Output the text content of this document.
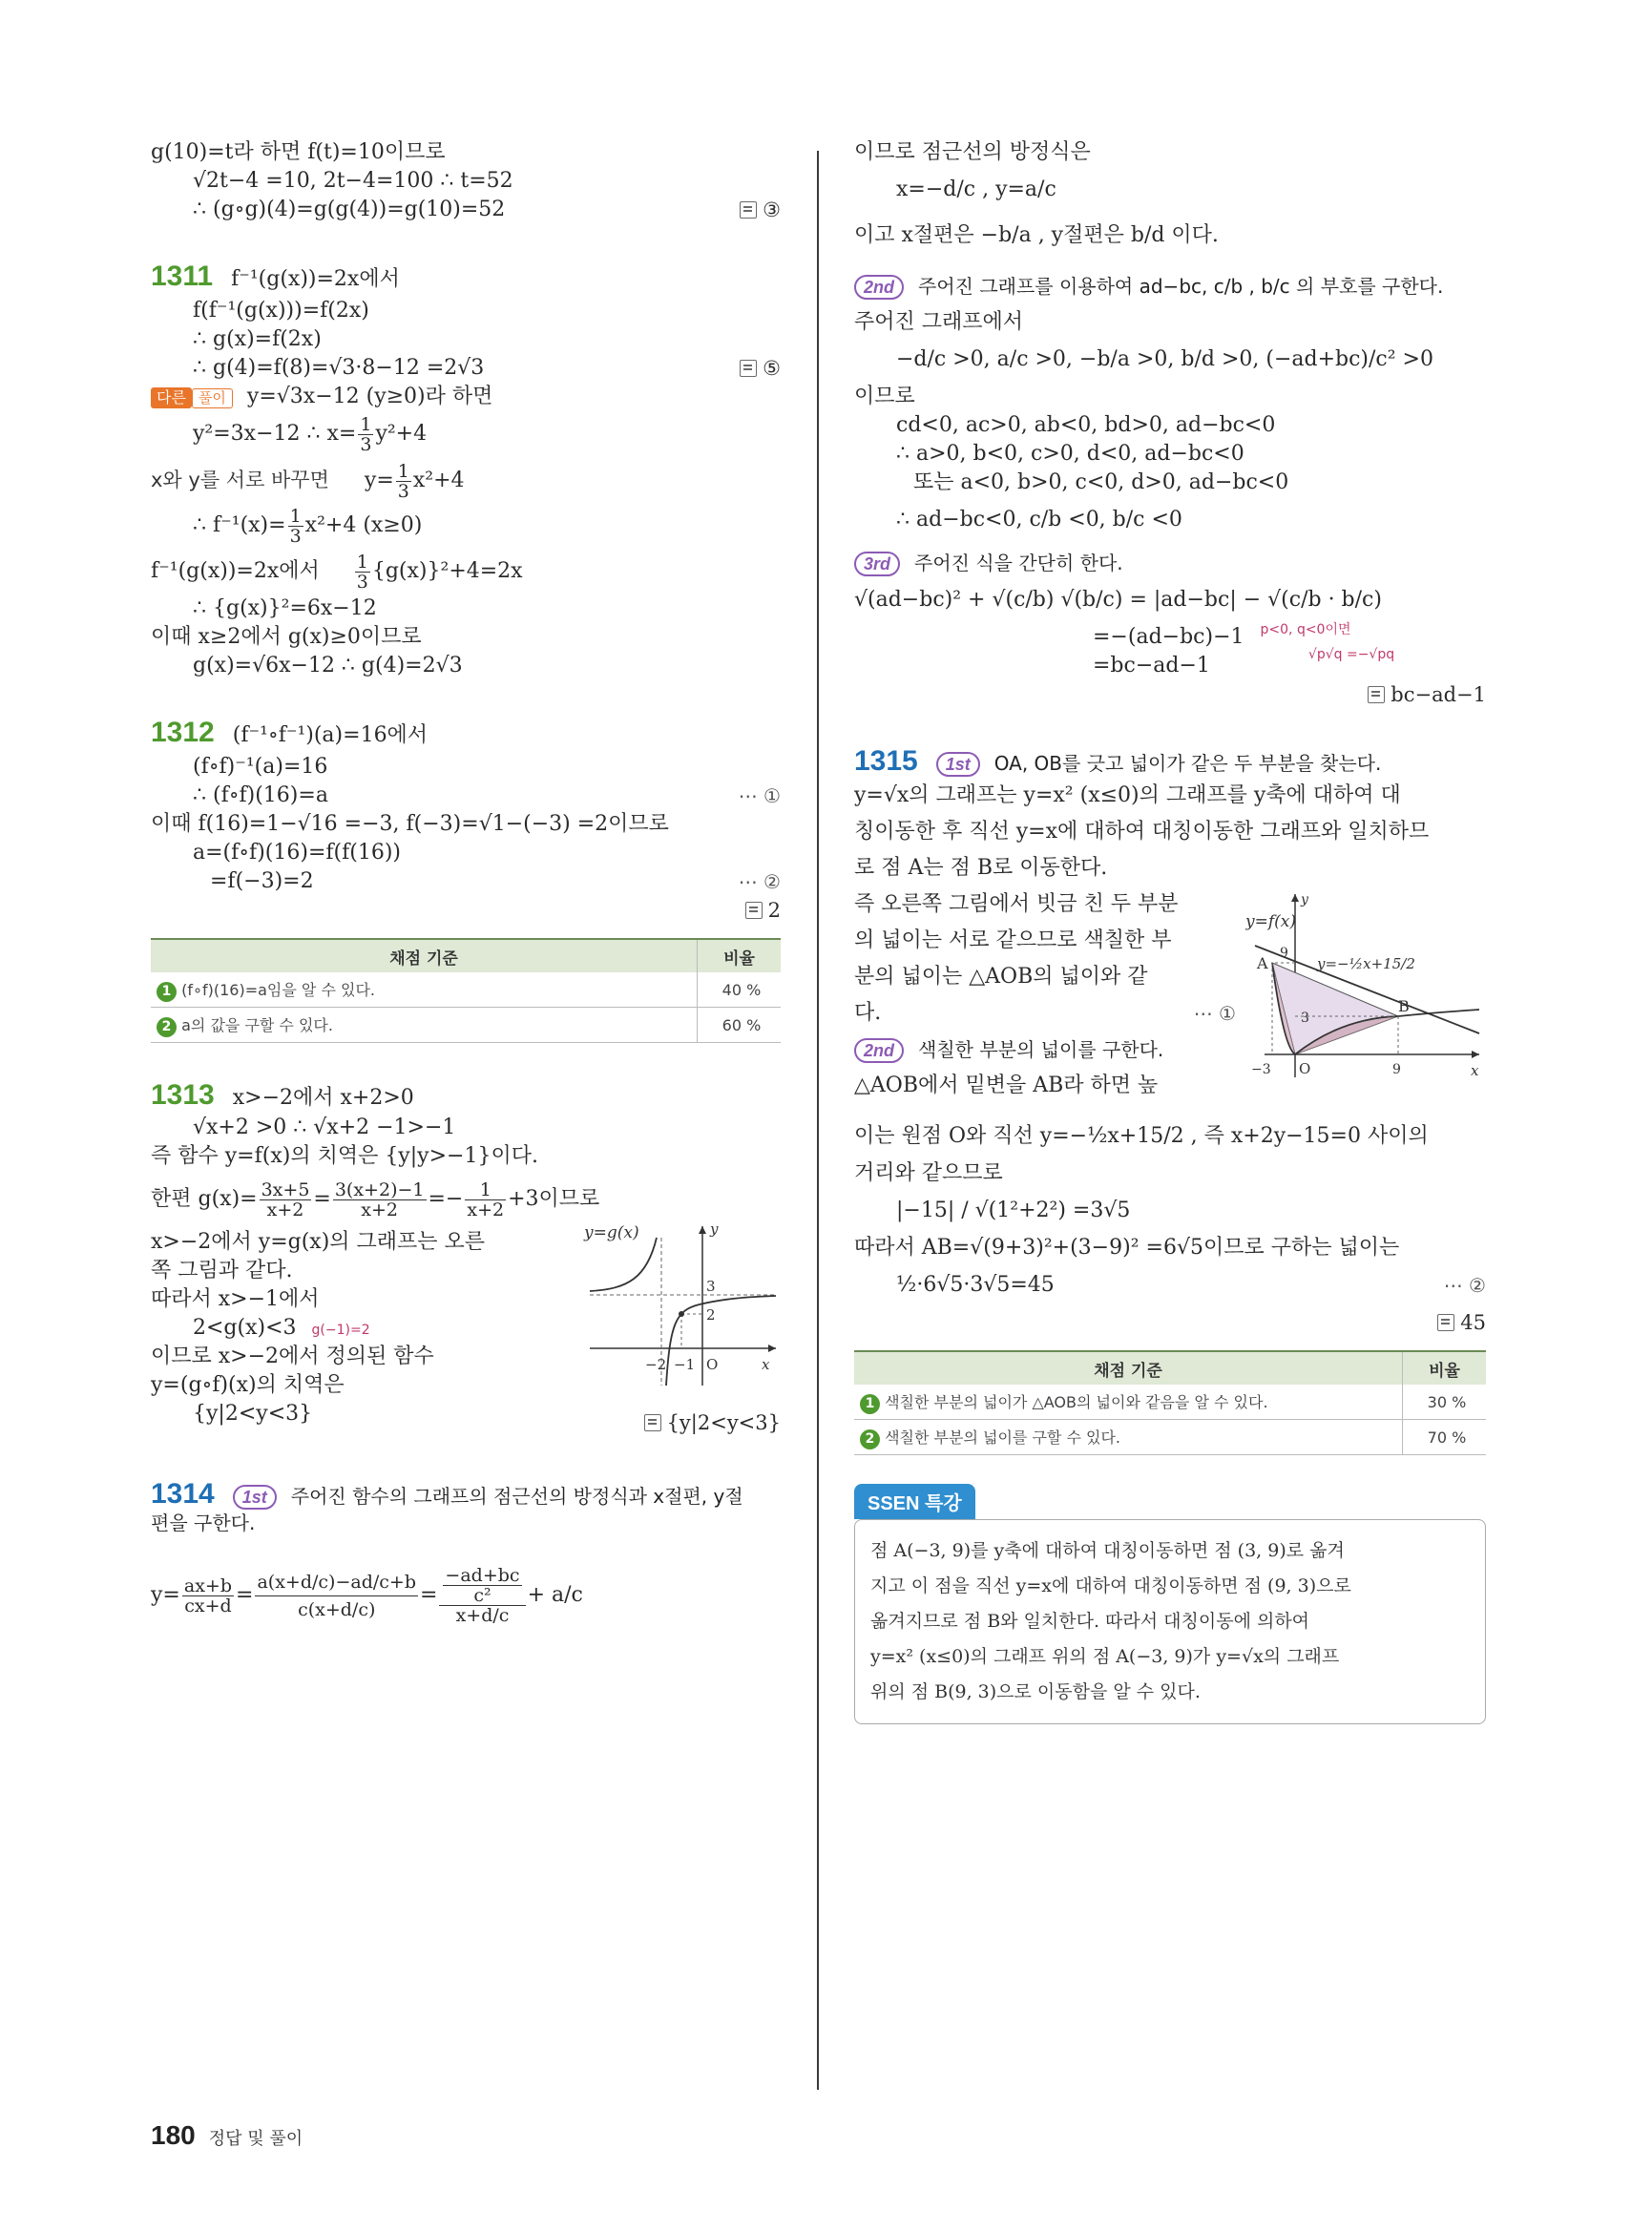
g(10)=t라 하면 f(t)=10이므로
√2t−4 =10, 2t−4=100 ∴ t=52
∴ (g∘g)(4)=g(g(4))=g(10)=52	③
1311 f⁻¹(g(x))=2x에서
f(f⁻¹(g(x)))=f(2x)
∴ g(x)=f(2x)
∴ g(4)=f(8)=√3·8−12 =2√3	⑤
다른 풀이 y=√3x−12 (y≥0)라 하면
y²=3x−12 ∴ $x= \frac{1}{3} y^2+4$
x와 y를 서로 바꾸면 $y= \frac{1}{3} x^2+4$
∴ $f^{-1}(x)= \frac{1}{3} x^2+4$ (x≥0)
f⁻¹(g(x))=2x에서 $\frac{1}{3} \{g(x)\}^2+4=2x$
∴ {g(x)}²=6x−12
이때 x≥2에서 g(x)≥0이므로
g(x)=√6x−12 ∴ g(4)=2√3
1312 (f⁻¹∘f⁻¹)(a)=16에서
(f∘f)⁻¹(a)=16
∴ (f∘f)(16)=a	⋯ ①
이때 f(16)=1−√16 =−3, f(−3)=√1−(−3) =2이므로
a=(f∘f)(16)=f(f(16))
=f(−3)=2	⋯ ②
2
채점 기준	비율
1 (f∘f)(16)=a임을 알 수 있다.	40 %
2 a의 값을 구할 수 있다.	60 %
1313 x>−2에서 x+2>0
√x+2 >0 ∴ √x+2 −1>−1
즉 함수 y=f(x)의 치역은 {y|y>−1}이다.
한편 $g(x)= \frac{3x+5}{x+2} = \frac{3(x+2)-1}{x+2} =- \frac{1}{x+2} +3$이므로
x>−2에서 y=g(x)의 그래프는 오른
쪽 그림과 같다.
따라서 x>−1에서
2<g(x)<3 g(−1)=2
이므로 x>−2에서 정의된 함수
y=(g∘f)(x)의 치역은
{y|2<y<3}
y=g(x)	y
x
3
2
−2 −1 O
{y|2<y<3}
1314 1st 주어진 함수의 그래프의 점근선의 방정식과 x절편, y절
편을 구한다.
$y= \frac{ax+b}{cx+d} = \frac{a(x+d/c)-ad/c+b}{c(x+d/c)} = \frac{\frac{-ad+bc}{\text{c²}}}{x+d/c} + a/c$
이므로 점근선의 방정식은
x=−d/c , y=a/c
이고 x절편은 −b/a , y절편은 b/d 이다.
2nd 주어진 그래프를 이용하여 ad−bc, c/b , b/c 의 부호를 구한다.
주어진 그래프에서
−d/c >0, a/c >0, −b/a >0, b/d >0, (−ad+bc)/c² >0
이므로
cd<0, ac>0, ab<0, bd>0, ad−bc<0
∴ a>0, b<0, c>0, d<0, ad−bc<0
또는 a<0, b>0, c<0, d>0, ad−bc<0
∴ ad−bc<0, c/b <0, b/c <0
3rd 주어진 식을 간단히 한다.
√(ad−bc)² + √(c/b) √(b/c) = |ad−bc| − √(c/b · b/c)
=−(ad−bc)−1 $^{p<0, q<0이면}$
=bc−ad−1	$^{√p√q =-√pq}$
bc−ad−1
1315 1st OA, OB를 긋고 넓이가 같은 두 부분을 찾는다.
y=√x의 그래프는 y=x² (x≤0)의 그래프를 y축에 대하여 대
칭이동한 후 직선 y=x에 대하여 대칭이동한 그래프와 일치하므
로 점 A는 점 B로 이동한다.
즉 오른쪽 그림에서 빗금 친 두 부분
의 넓이는 서로 같으므로 색칠한 부
분의 넓이는 △AOB의 넓이와 같
다.	⋯ ①
2nd 색칠한 부분의 넓이를 구한다.
△AOB에서 밑변을 AB라 하면 높
y=f(x)
y=−½x+15/2
y
x
A
B
O
9
3
−3	9
이는 원점 O와 직선 y=−½x+15/2 , 즉 x+2y−15=0 사이의
거리와 같으므로
|−15| / √(1²+2²) =3√5
따라서 AB=√(9+3)²+(3−9)² =6√5이므로 구하는 넓이는
½·6√5·3√5=45	⋯ ②
45
채점 기준	비율
1 색칠한 부분의 넓이가 △AOB의 넓이와 같음을 알 수 있다.	30 %
2 색칠한 부분의 넓이를 구할 수 있다.	70 %
SSEN 특강
점 A(−3, 9)를 y축에 대하여 대칭이동하면 점 (3, 9)로 옮겨
지고 이 점을 직선 y=x에 대하여 대칭이동하면 점 (9, 3)으로
옮겨지므로 점 B와 일치한다. 따라서 대칭이동에 의하여
y=x² (x≤0)의 그래프 위의 점 A(−3, 9)가 y=√x의 그래프
위의 점 B(9, 3)으로 이동함을 알 수 있다.
180 정답 및 풀이
